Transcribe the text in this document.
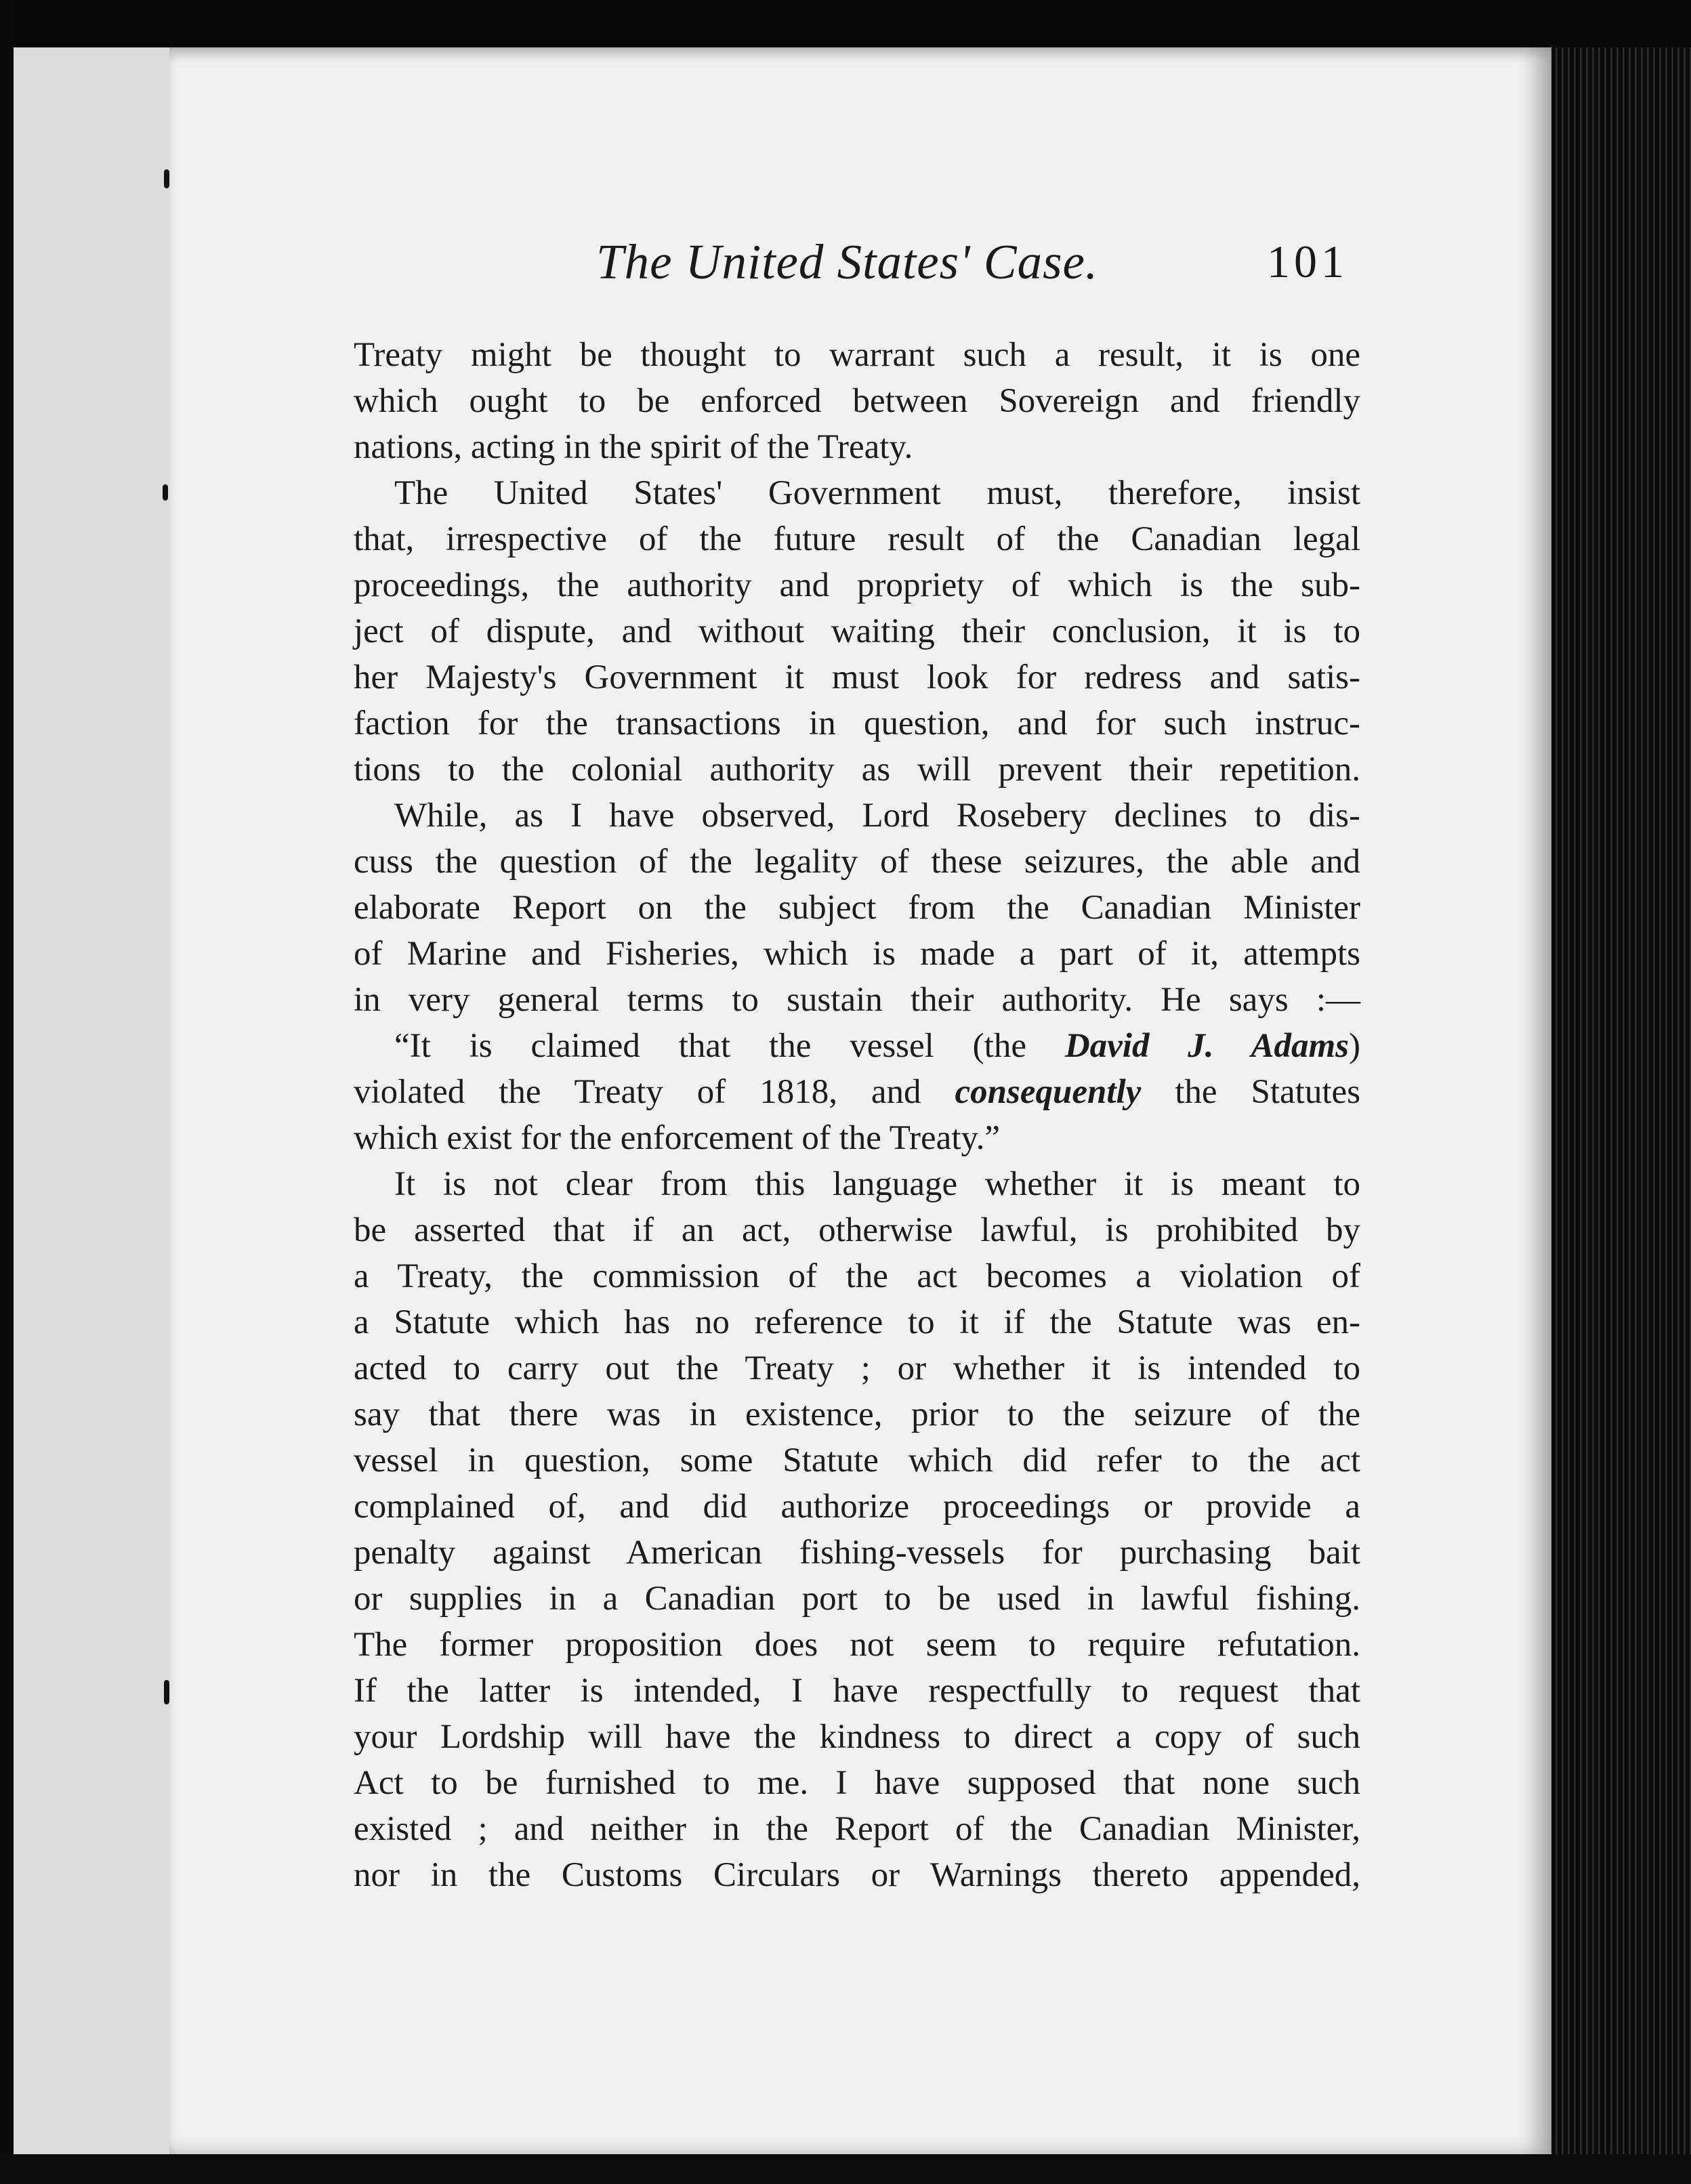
The United States' Case.	101
Treaty might be thought to warrant such a result, it is one
which ought to be enforced between Sovereign and friendly
nations, acting in the spirit of the Treaty.
The United States' Government must, therefore, insist
that, irrespective of the future result of the Canadian legal
proceedings, the authority and propriety of which is the sub-
ject of dispute, and without waiting their conclusion, it is to
her Majesty's Government it must look for redress and satis-
faction for the transactions in question, and for such instruc-
tions to the colonial authority as will prevent their repetition.
While, as I have observed, Lord Rosebery declines to dis-
cuss the question of the legality of these seizures, the able and
elaborate Report on the subject from the Canadian Minister
of Marine and Fisheries, which is made a part of it, attempts
in very general terms to sustain their authority. He says :—
“It is claimed that the vessel (the David J. Adams)
violated the Treaty of 1818, and consequently the Statutes
which exist for the enforcement of the Treaty.”
It is not clear from this language whether it is meant to
be asserted that if an act, otherwise lawful, is prohibited by
a Treaty, the commission of the act becomes a violation of
a Statute which has no reference to it if the Statute was en-
acted to carry out the Treaty ; or whether it is intended to
say that there was in existence, prior to the seizure of the
vessel in question, some Statute which did refer to the act
complained of, and did authorize proceedings or provide a
penalty against American fishing-vessels for purchasing bait
or supplies in a Canadian port to be used in lawful fishing.
The former proposition does not seem to require refutation.
If the latter is intended, I have respectfully to request that
your Lordship will have the kindness to direct a copy of such
Act to be furnished to me. I have supposed that none such
existed ; and neither in the Report of the Canadian Minister,
nor in the Customs Circulars or Warnings thereto appended,
